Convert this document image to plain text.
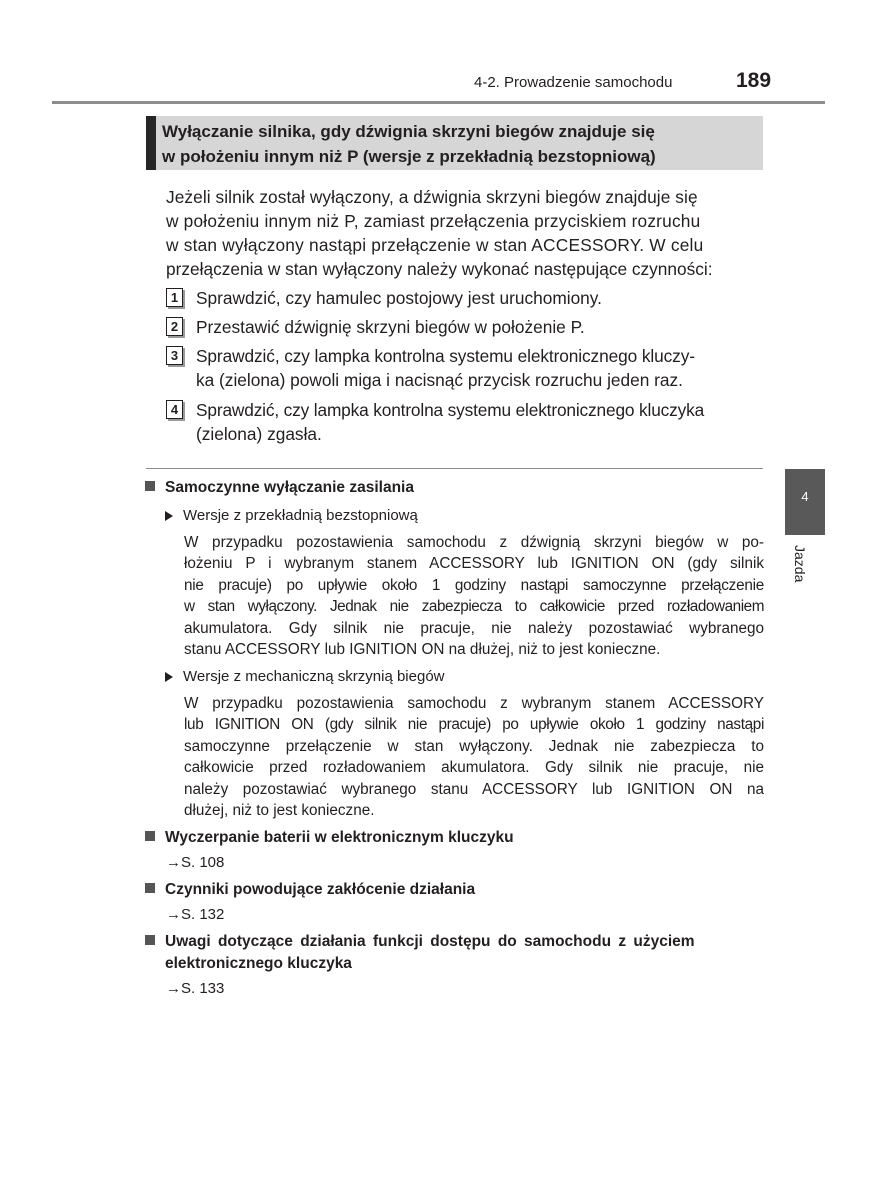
4-2. Prowadzenie samochodu	189
Wyłączanie silnika, gdy dźwignia skrzyni biegów znajduje się
w położeniu innym niż P (wersje z przekładnią bezstopniową)
Jeżeli silnik został wyłączony, a dźwignia skrzyni biegów znajduje się
w położeniu innym niż P, zamiast przełączenia przyciskiem rozruchu
w stan wyłączony nastąpi przełączenie w stan ACCESSORY. W celu
przełączenia w stan wyłączony należy wykonać następujące czynności:
1 Sprawdzić, czy hamulec postojowy jest uruchomiony.
2 Przestawić dźwignię skrzyni biegów w położenie P.
3 Sprawdzić, czy lampka kontrolna systemu elektronicznego kluczy-
ka (zielona) powoli miga i nacisnąć przycisk rozruchu jeden raz.
4 Sprawdzić, czy lampka kontrolna systemu elektronicznego kluczyka
(zielona) zgasła.
4
Jazda
Samoczynne wyłączanie zasilania
Wersje z przekładnią bezstopniową
W przypadku pozostawienia samochodu z dźwignią skrzyni biegów w po-
łożeniu P i wybranym stanem ACCESSORY lub IGNITION ON (gdy silnik
nie pracuje) po upływie około 1 godziny nastąpi samoczynne przełączenie
w stan wyłączony. Jednak nie zabezpiecza to całkowicie przed rozładowaniem
akumulatora. Gdy silnik nie pracuje, nie należy pozostawiać wybranego
stanu ACCESSORY lub IGNITION ON na dłużej, niż to jest konieczne.
Wersje z mechaniczną skrzynią biegów
W przypadku pozostawienia samochodu z wybranym stanem ACCESSORY
lub IGNITION ON (gdy silnik nie pracuje) po upływie około 1 godziny nastąpi
samoczynne przełączenie w stan wyłączony. Jednak nie zabezpiecza to
całkowicie przed rozładowaniem akumulatora. Gdy silnik nie pracuje, nie
należy pozostawiać wybranego stanu ACCESSORY lub IGNITION ON na
dłużej, niż to jest konieczne.
Wyczerpanie baterii w elektronicznym kluczyku
→S. 108
Czynniki powodujące zakłócenie działania
→S. 132
Uwagi dotyczące działania funkcji dostępu do samochodu z użyciem
elektronicznego kluczyka
→S. 133
